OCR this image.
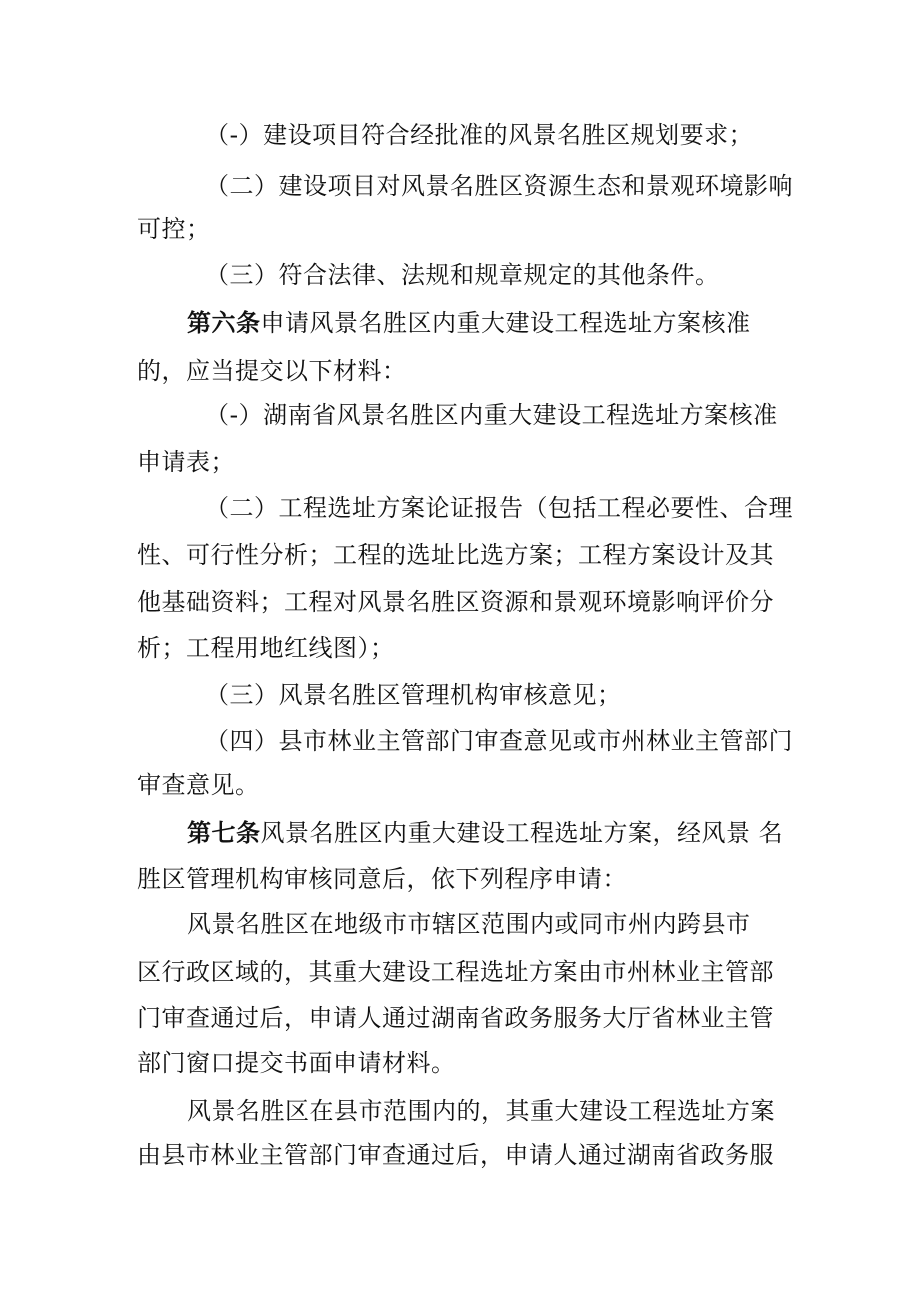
（-）建设项目符合经批准的风景名胜区规划要求；
（二）建设项目对风景名胜区资源生态和景观环境影响
可控；
（三）符合法律、法规和规章规定的其他条件。
第六条申请风景名胜区内重大建设工程选址方案核准
的，应当提交以下材料：
（-）湖南省风景名胜区内重大建设工程选址方案核准
申请表；
（二）工程选址方案论证报告（包括工程必要性、合理
性、可行性分析；工程的选址比选方案；工程方案设计及其
他基础资料；工程对风景名胜区资源和景观环境影响评价分
析；工程用地红线图）；
（三）风景名胜区管理机构审核意见；
（四）县市林业主管部门审查意见或市州林业主管部门
审查意见。
第七条风景名胜区内重大建设工程选址方案，经风景 名
胜区管理机构审核同意后，依下列程序申请：
风景名胜区在地级市市辖区范围内或同市州内跨县市
区行政区域的，其重大建设工程选址方案由市州林业主管部
门审查通过后，申请人通过湖南省政务服务大厅省林业主管
部门窗口提交书面申请材料。
风景名胜区在县市范围内的，其重大建设工程选址方案
由县市林业主管部门审查通过后，申请人通过湖南省政务服
